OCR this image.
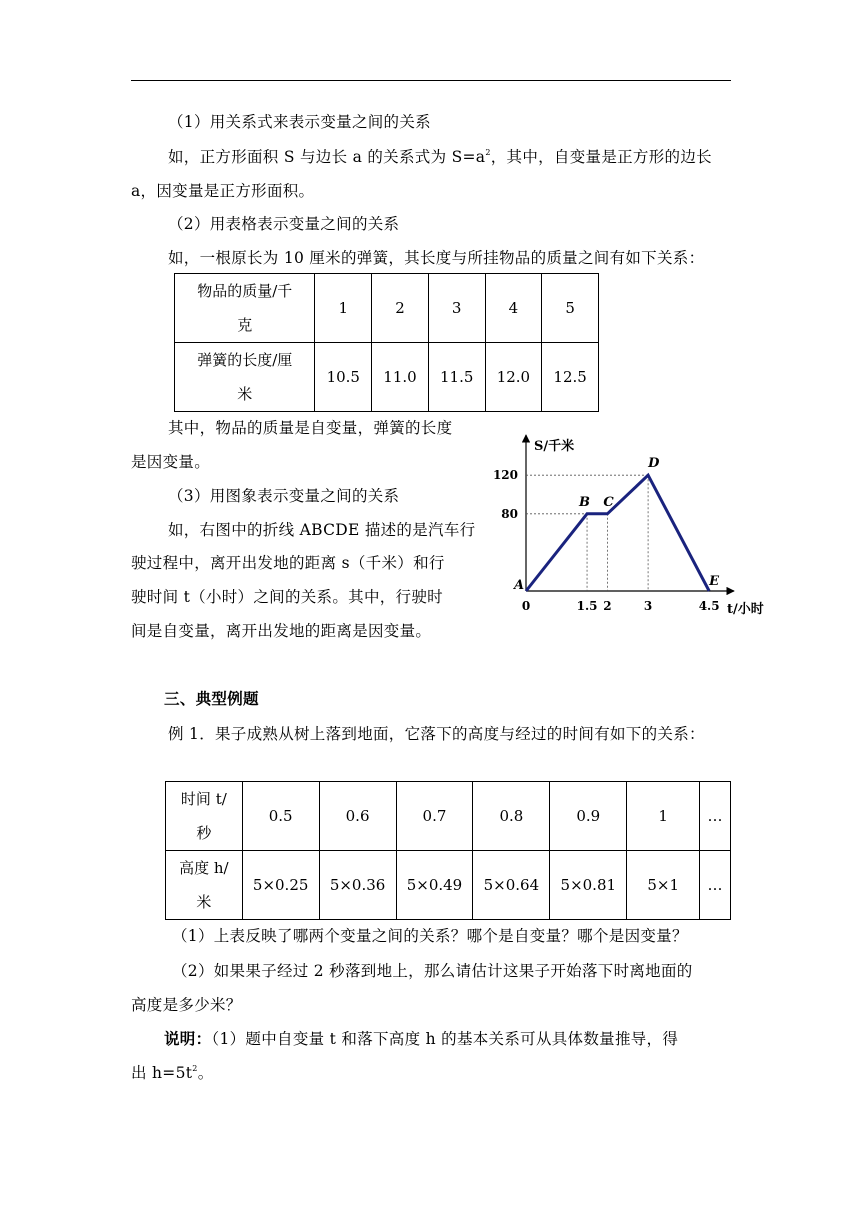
（1）用关系式来表示变量之间的关系
如，正方形面积 S 与边长 a 的关系式为 $S=a^2$，其中，自变量是正方形的边长
a，因变量是正方形面积。
（2）用表格表示变量之间的关系
如，一根原长为 10 厘米的弹簧，其长度与所挂物品的质量之间有如下关系：
物品的质量/千
克	1	2	3	4	5
弹簧的长度/厘
米	10.5	11.0	11.5	12.0	12.5
其中，物品的质量是自变量，弹簧的长度
是因变量。
（3）用图象表示变量之间的关系
如，右图中的折线 ABCDE 描述的是汽车行
驶过程中，离开出发地的距离 s（千米）和行
驶时间 t（小时）之间的关系。其中，行驶时
间是自变量，离开出发地的距离是因变量。
S/千米
t/小时
80
120
0	1.5 2	3	4.5
A
B C
D
E
三、典型例题
例 1．果子成熟从树上落到地面，它落下的高度与经过的时间有如下的关系：
时间 t/
秒	0.5	0.6	0.7	0.8	0.9	1	…
高度 h/
米	5×0.25	5×0.36	5×0.49	5×0.64	5×0.81	5×1	…
（1）上表反映了哪两个变量之间的关系？哪个是自变量？哪个是因变量？
（2）如果果子经过 2 秒落到地上，那么请估计这果子开始落下时离地面的
高度是多少米？
说明：（1）题中自变量 t 和落下高度 h 的基本关系可从具体数量推导，得
出 $h=5t^2$。
